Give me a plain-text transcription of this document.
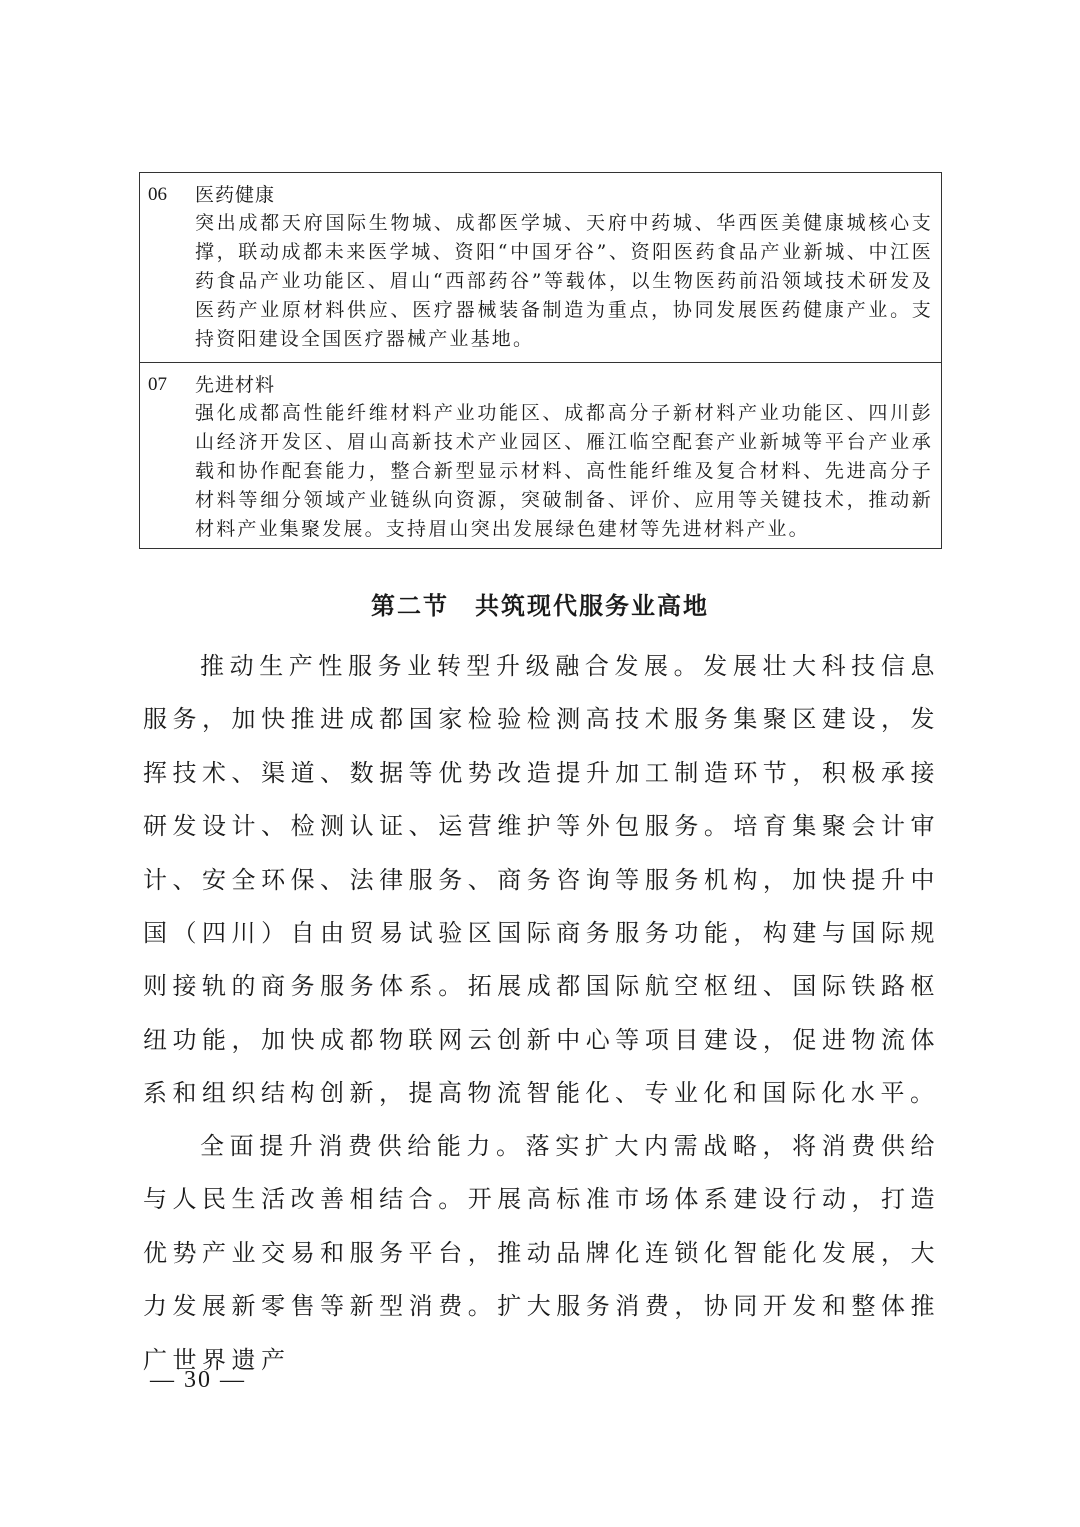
06 医药健康
突出成都天府国际生物城、成都医学城、天府中药城、华西医美健康城核心支撑，联动成都未来医学城、资阳“中国牙谷”、资阳医药食品产业新城、中江医药食品产业功能区、眉山“西部药谷”等载体，以生物医药前沿领域技术研发及医药产业原材料供应、医疗器械装备制造为重点，协同发展医药健康产业。支持资阳建设全国医疗器械产业基地。
07 先进材料
强化成都高性能纤维材料产业功能区、成都高分子新材料产业功能区、四川彭山经济开发区、眉山高新技术产业园区、雁江临空配套产业新城等平台产业承载和协作配套能力，整合新型显示材料、高性能纤维及复合材料、先进高分子材料等细分领域产业链纵向资源，突破制备、评价、应用等关键技术，推动新材料产业集聚发展。支持眉山突出发展绿色建材等先进材料产业。
第二节　共筑现代服务业高地

推动生产性服务业转型升级融合发展。发展壮大科技信息服务，加快推进成都国家检验检测高技术服务集聚区建设，发挥技术、渠道、数据等优势改造提升加工制造环节，积极承接研发设计、检测认证、运营维护等外包服务。培育集聚会计审计、安全环保、法律服务、商务咨询等服务机构，加快提升中国（四川）自由贸易试验区国际商务服务功能，构建与国际规则接轨的商务服务体系。拓展成都国际航空枢纽、国际铁路枢纽功能，加快成都物联网云创新中心等项目建设，促进物流体系和组织结构创新，提高物流智能化、专业化和国际化水平。

全面提升消费供给能力。落实扩大内需战略，将消费供给与人民生活改善相结合。开展高标准市场体系建设行动，打造优势产业交易和服务平台，推动品牌化连锁化智能化发展，大力发展新零售等新型消费。扩大服务消费，协同开发和整体推广世界遗产

— 30 —
